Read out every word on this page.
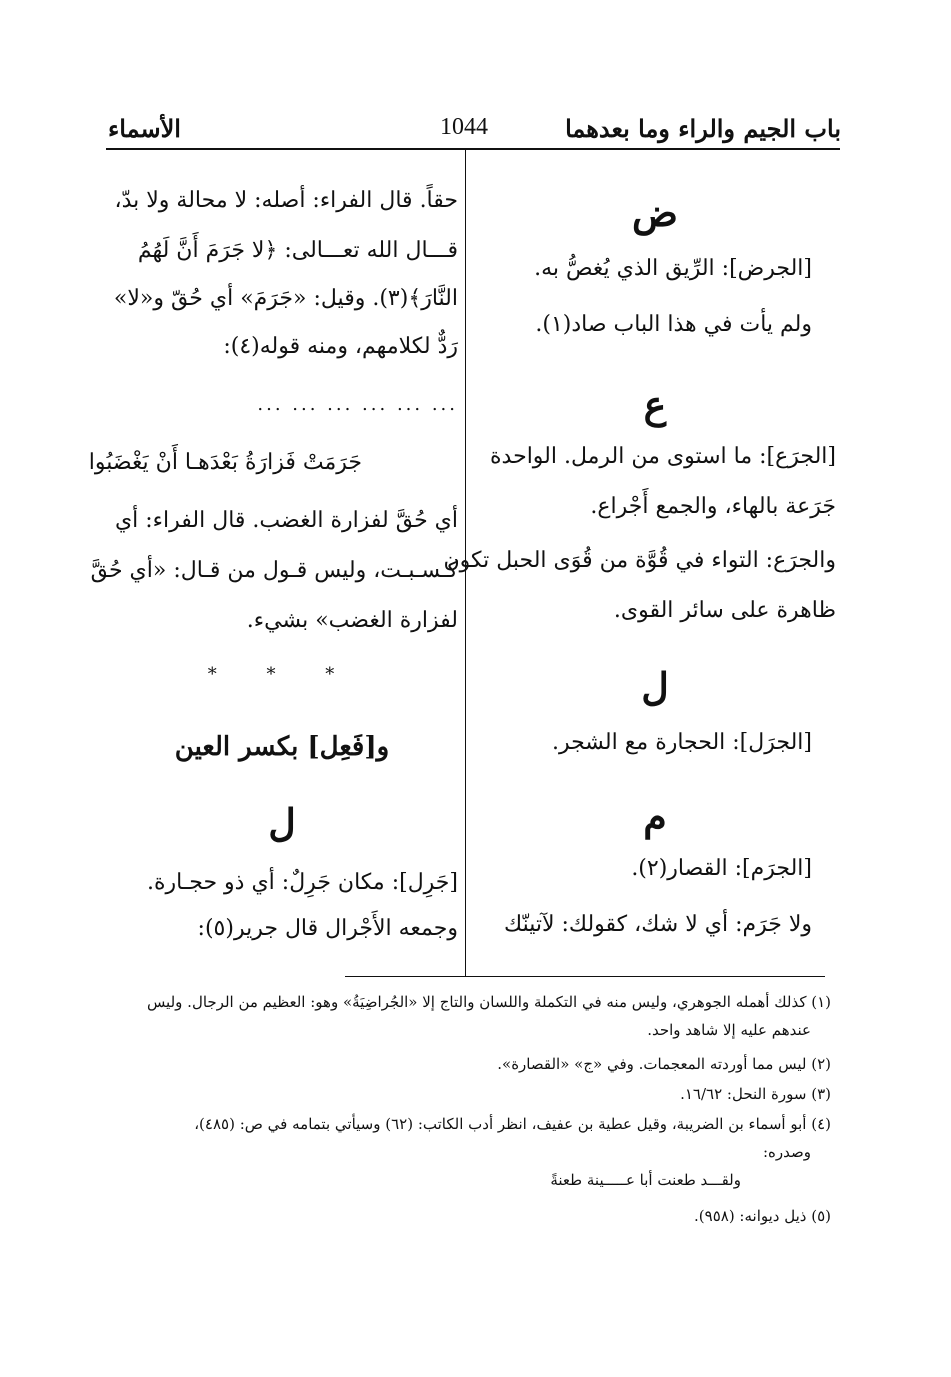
باب الجيم والراء وما بعدهما
1044
الأسماء
ض
[الجرض]: الرِّيق الذي يُغصُّ به.
ولم يأت في هذا الباب صاد(١).
ع
[الجرَع]: ما استوى من الرمل. الواحدة
جَرَعة بالهاء، والجمع أَجْراع.
والجرَع: التواء في قُوَّة من قُوَى الحبل تكون
ظاهرة على سائر القوى.
ل
[الجرَل]: الحجارة مع الشجر.
م
[الجرَم]: القصار(٢).
ولا جَرَم: أي لا شك، كقولك: لآتينّك
حقاً. قال الفراء: أصله: لا محالة ولا بدّ،
قـــال الله تعـــالى: ﴿لا جَرَمَ أَنَّ لَهُمُ
النَّارَ﴾(٣). وقيل: «جَرَمَ» أي حُقّ و«لا»
رَدٌّ لكلامهم، ومنه قوله(٤):
... ... ... ... ... ...
جَرَمَتْ فَزارَةُ بَعْدَهـا أَنْ يَغْضَبُوا
أي حُقَّ لفزارة الغضب. قال الفراء: أي
كـسـبـت، وليس قـول من قـال: «أي حُقَّ
لفزارة الغضب» بشيء.
* * *
و[فَعِل] بكسر العين
ل
[جَرِل]: مكان جَرِلٌ: أي ذو حجـارة.
وجمعه الأَجْرال قال جرير(٥):
(١) كذلك أهمله الجوهري، وليس منه في التكملة واللسان والتاج إلا «الجُراضِيَةُ» وهو: العظيم من الرجال. وليس
عندهم عليه إلا شاهد واحد.
(٢) ليس مما أوردته المعجمات. وفي «ج» «القصارة».
(٣) سورة النحل: ١٦/٦٢.
(٤) أبو أسماء بن الضريبة، وقيل عطية بن عفيف، انظر أدب الكاتب: (٦٢) وسيأتي بتمامه في ص: (٤٨٥)،
وصدره:
ولقـــد طعنت أبا عـــــينة طعنةً
(٥) ذيل ديوانه: (٩٥٨).
